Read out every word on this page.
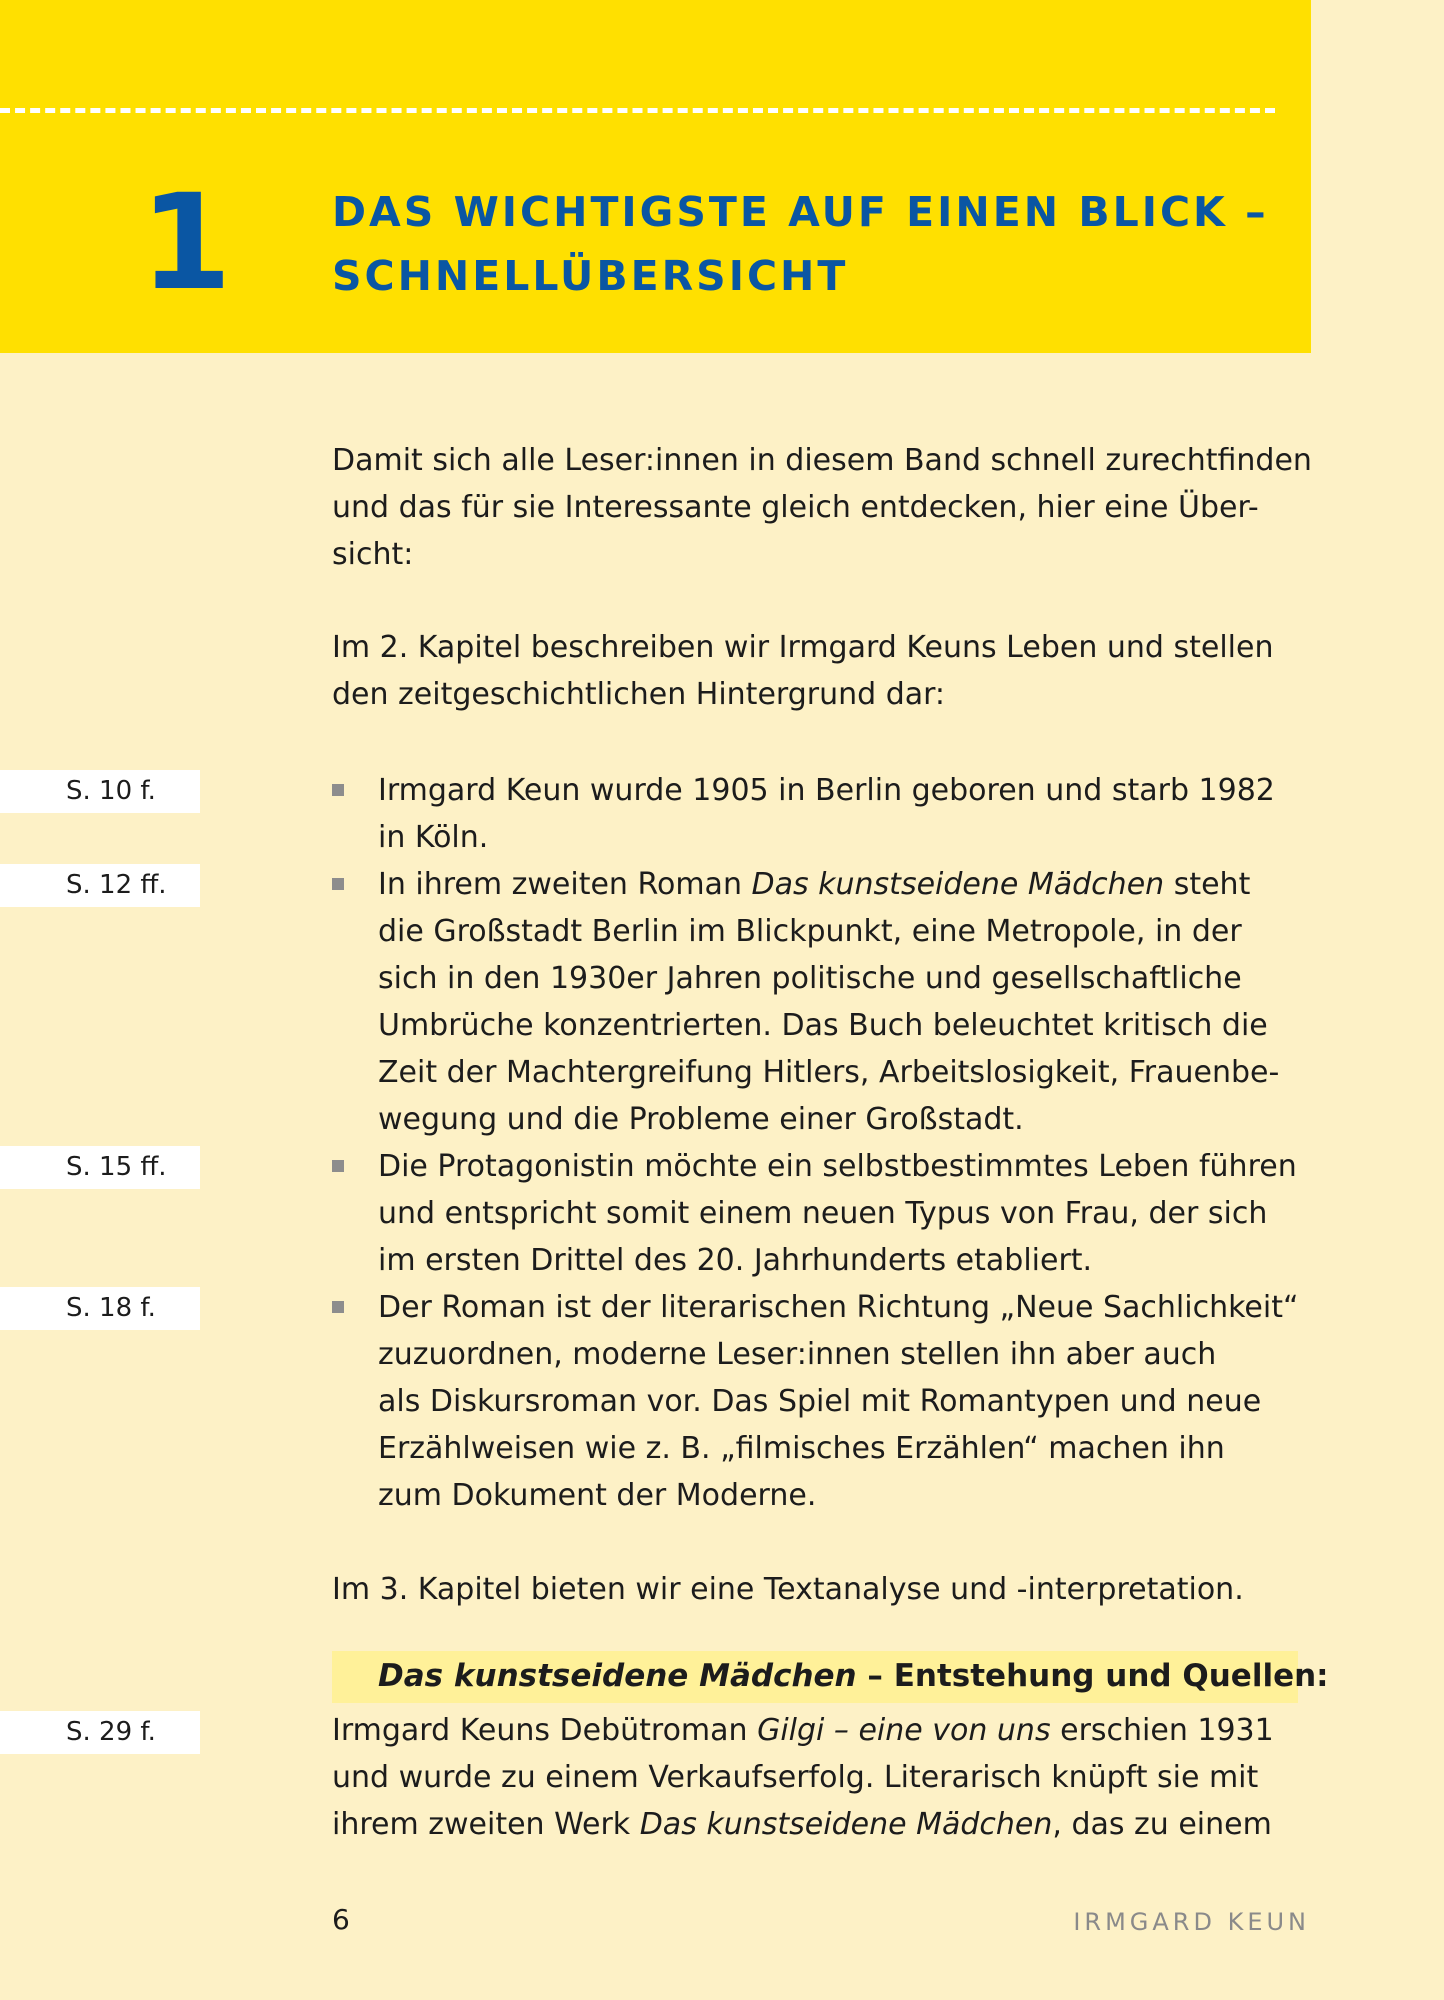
1 DAS WICHTIGSTE AUF EINEN BLICK –
SCHNELLÜBERSICHT

Damit sich alle Leser:innen in diesem Band schnell zurechtfinden
und das für sie Interessante gleich entdecken, hier eine Über-
sicht:

Im 2. Kapitel beschreiben wir Irmgard Keuns Leben und stellen
den zeitgeschichtlichen Hintergrund dar:

S. 10 f.
S. 12 ff.
S. 15 ff.
S. 18 f.
S. 29 f.
Irmgard Keun wurde 1905 in Berlin geboren und starb 1982
in Köln.
In ihrem zweiten Roman Das kunstseidene Mädchen steht
die Großstadt Berlin im Blickpunkt, eine Metropole, in der
sich in den 1930er Jahren politische und gesellschaftliche
Umbrüche konzentrierten. Das Buch beleuchtet kritisch die
Zeit der Machtergreifung Hitlers, Arbeitslosigkeit, Frauenbe-
wegung und die Probleme einer Großstadt.
Die Protagonistin möchte ein selbstbestimmtes Leben führen
und entspricht somit einem neuen Typus von Frau, der sich
im ersten Drittel des 20. Jahrhunderts etabliert.
Der Roman ist der literarischen Richtung „Neue Sachlichkeit“
zuzuordnen, moderne Leser:innen stellen ihn aber auch
als Diskursroman vor. Das Spiel mit Romantypen und neue
Erzählweisen wie z. B. „filmisches Erzählen“ machen ihn
zum Dokument der Moderne.

Im 3. Kapitel bieten wir eine Textanalyse und -interpretation.

Das kunstseidene Mädchen – Entstehung und Quellen:

Irmgard Keuns Debütroman Gilgi – eine von uns erschien 1931
und wurde zu einem Verkaufserfolg. Literarisch knüpft sie mit
ihrem zweiten Werk Das kunstseidene Mädchen, das zu einem

6	IRMGARD KEUN
